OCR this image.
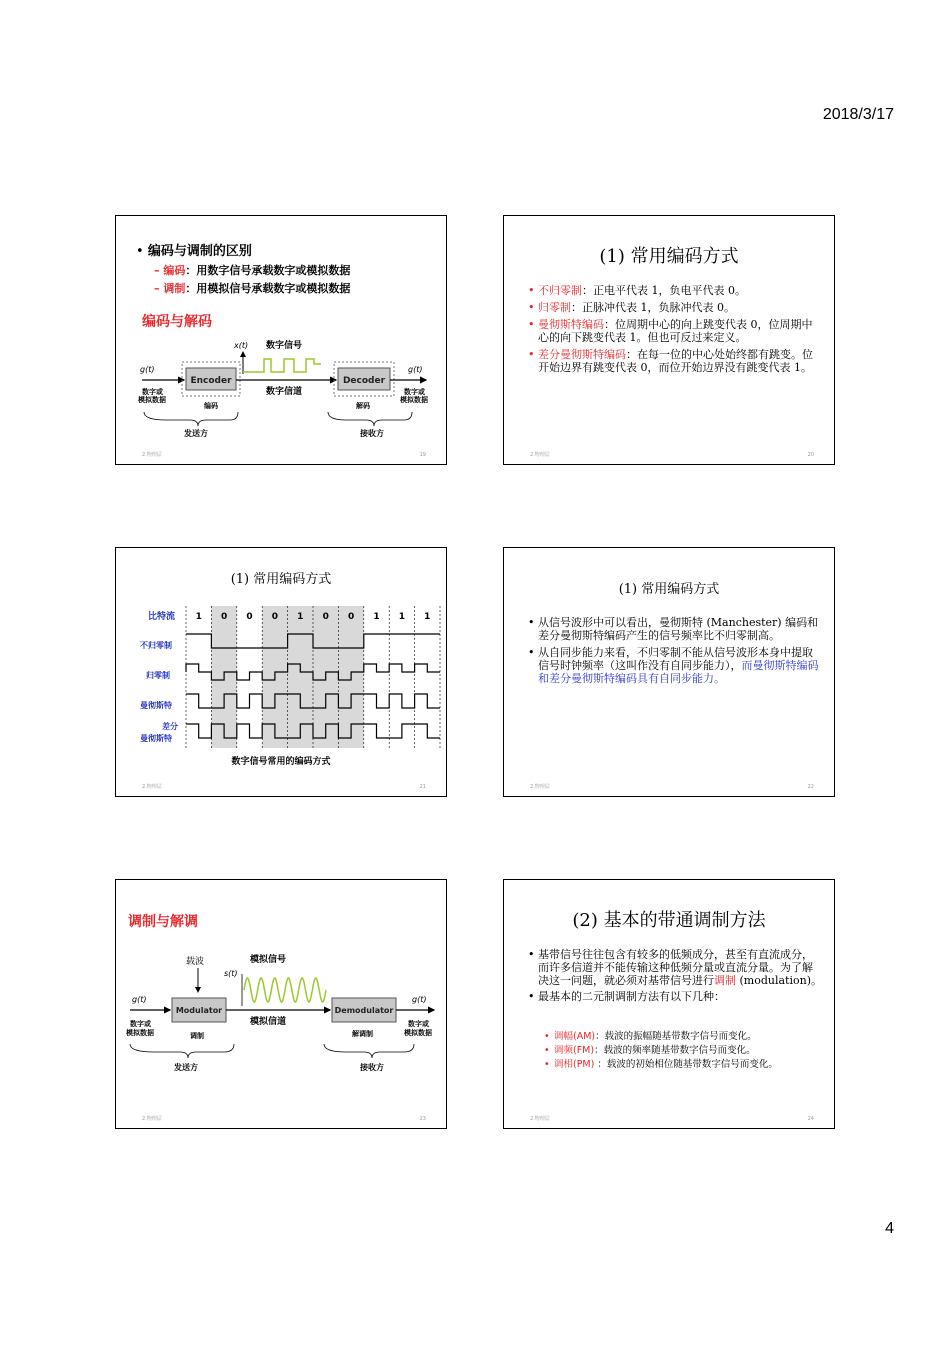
2018/3/17
• 编码与调制的区别
– 编码：用数字信号承载数字或模拟数据
– 调制：用模拟信号承载数字或模拟数据
编码与解码
x(t) 数字信号
g(t)
Encoder
数字信道
Decoder
g(t)
数字或
模拟数据
编码	解码
数字或
模拟数据
发送方	接收方
2.物理层	19
(1) 常用编码方式
• 不归零制：正电平代表 1，负电平代表 0。
• 归零制：正脉冲代表 1，负脉冲代表 0。
• 曼彻斯特编码：位周期中心的向上跳变代表 0，位周期中心的向下跳变代表 1。但也可反过来定义。
• 差分曼彻斯特编码：在每一位的中心处始终都有跳变。位开始边界有跳变代表 0，而位开始边界没有跳变代表 1。
2.物理层	20
(1) 常用编码方式
比特流 1 0 0 0 1 0 0 1 1 1
不归零制
归零制
曼彻斯特
差分
曼彻斯特
数字信号常用的编码方式
2.物理层	21
(1) 常用编码方式
• 从信号波形中可以看出，曼彻斯特 (Manchester) 编码和差分曼彻斯特编码产生的信号频率比不归零制高。
• 从自同步能力来看，不归零制不能从信号波形本身中提取信号时钟频率（这叫作没有自同步能力），而曼彻斯特编码和差分曼彻斯特编码具有自同步能力。
2.物理层	22
调制与解调
载波	模拟信号
s(t)
g(t)
Modulator
模拟信道
Demodulator
g(t)
数字或
模拟数据	调制	解调制
数字或
模拟数据
发送方	接收方
2.物理层	23
(2) 基本的带通调制方法
• 基带信号往往包含有较多的低频成分，甚至有直流成分，而许多信道并不能传输这种低频分量或直流分量。为了解决这一问题，就必须对基带信号进行调制 (modulation)。
• 最基本的二元制调制方法有以下几种：
• 调幅(AM)：载波的振幅随基带数字信号而变化。
• 调频(FM)：载波的频率随基带数字信号而变化。
• 调相(PM) ：载波的初始相位随基带数字信号而变化。
2.物理层	24
4
